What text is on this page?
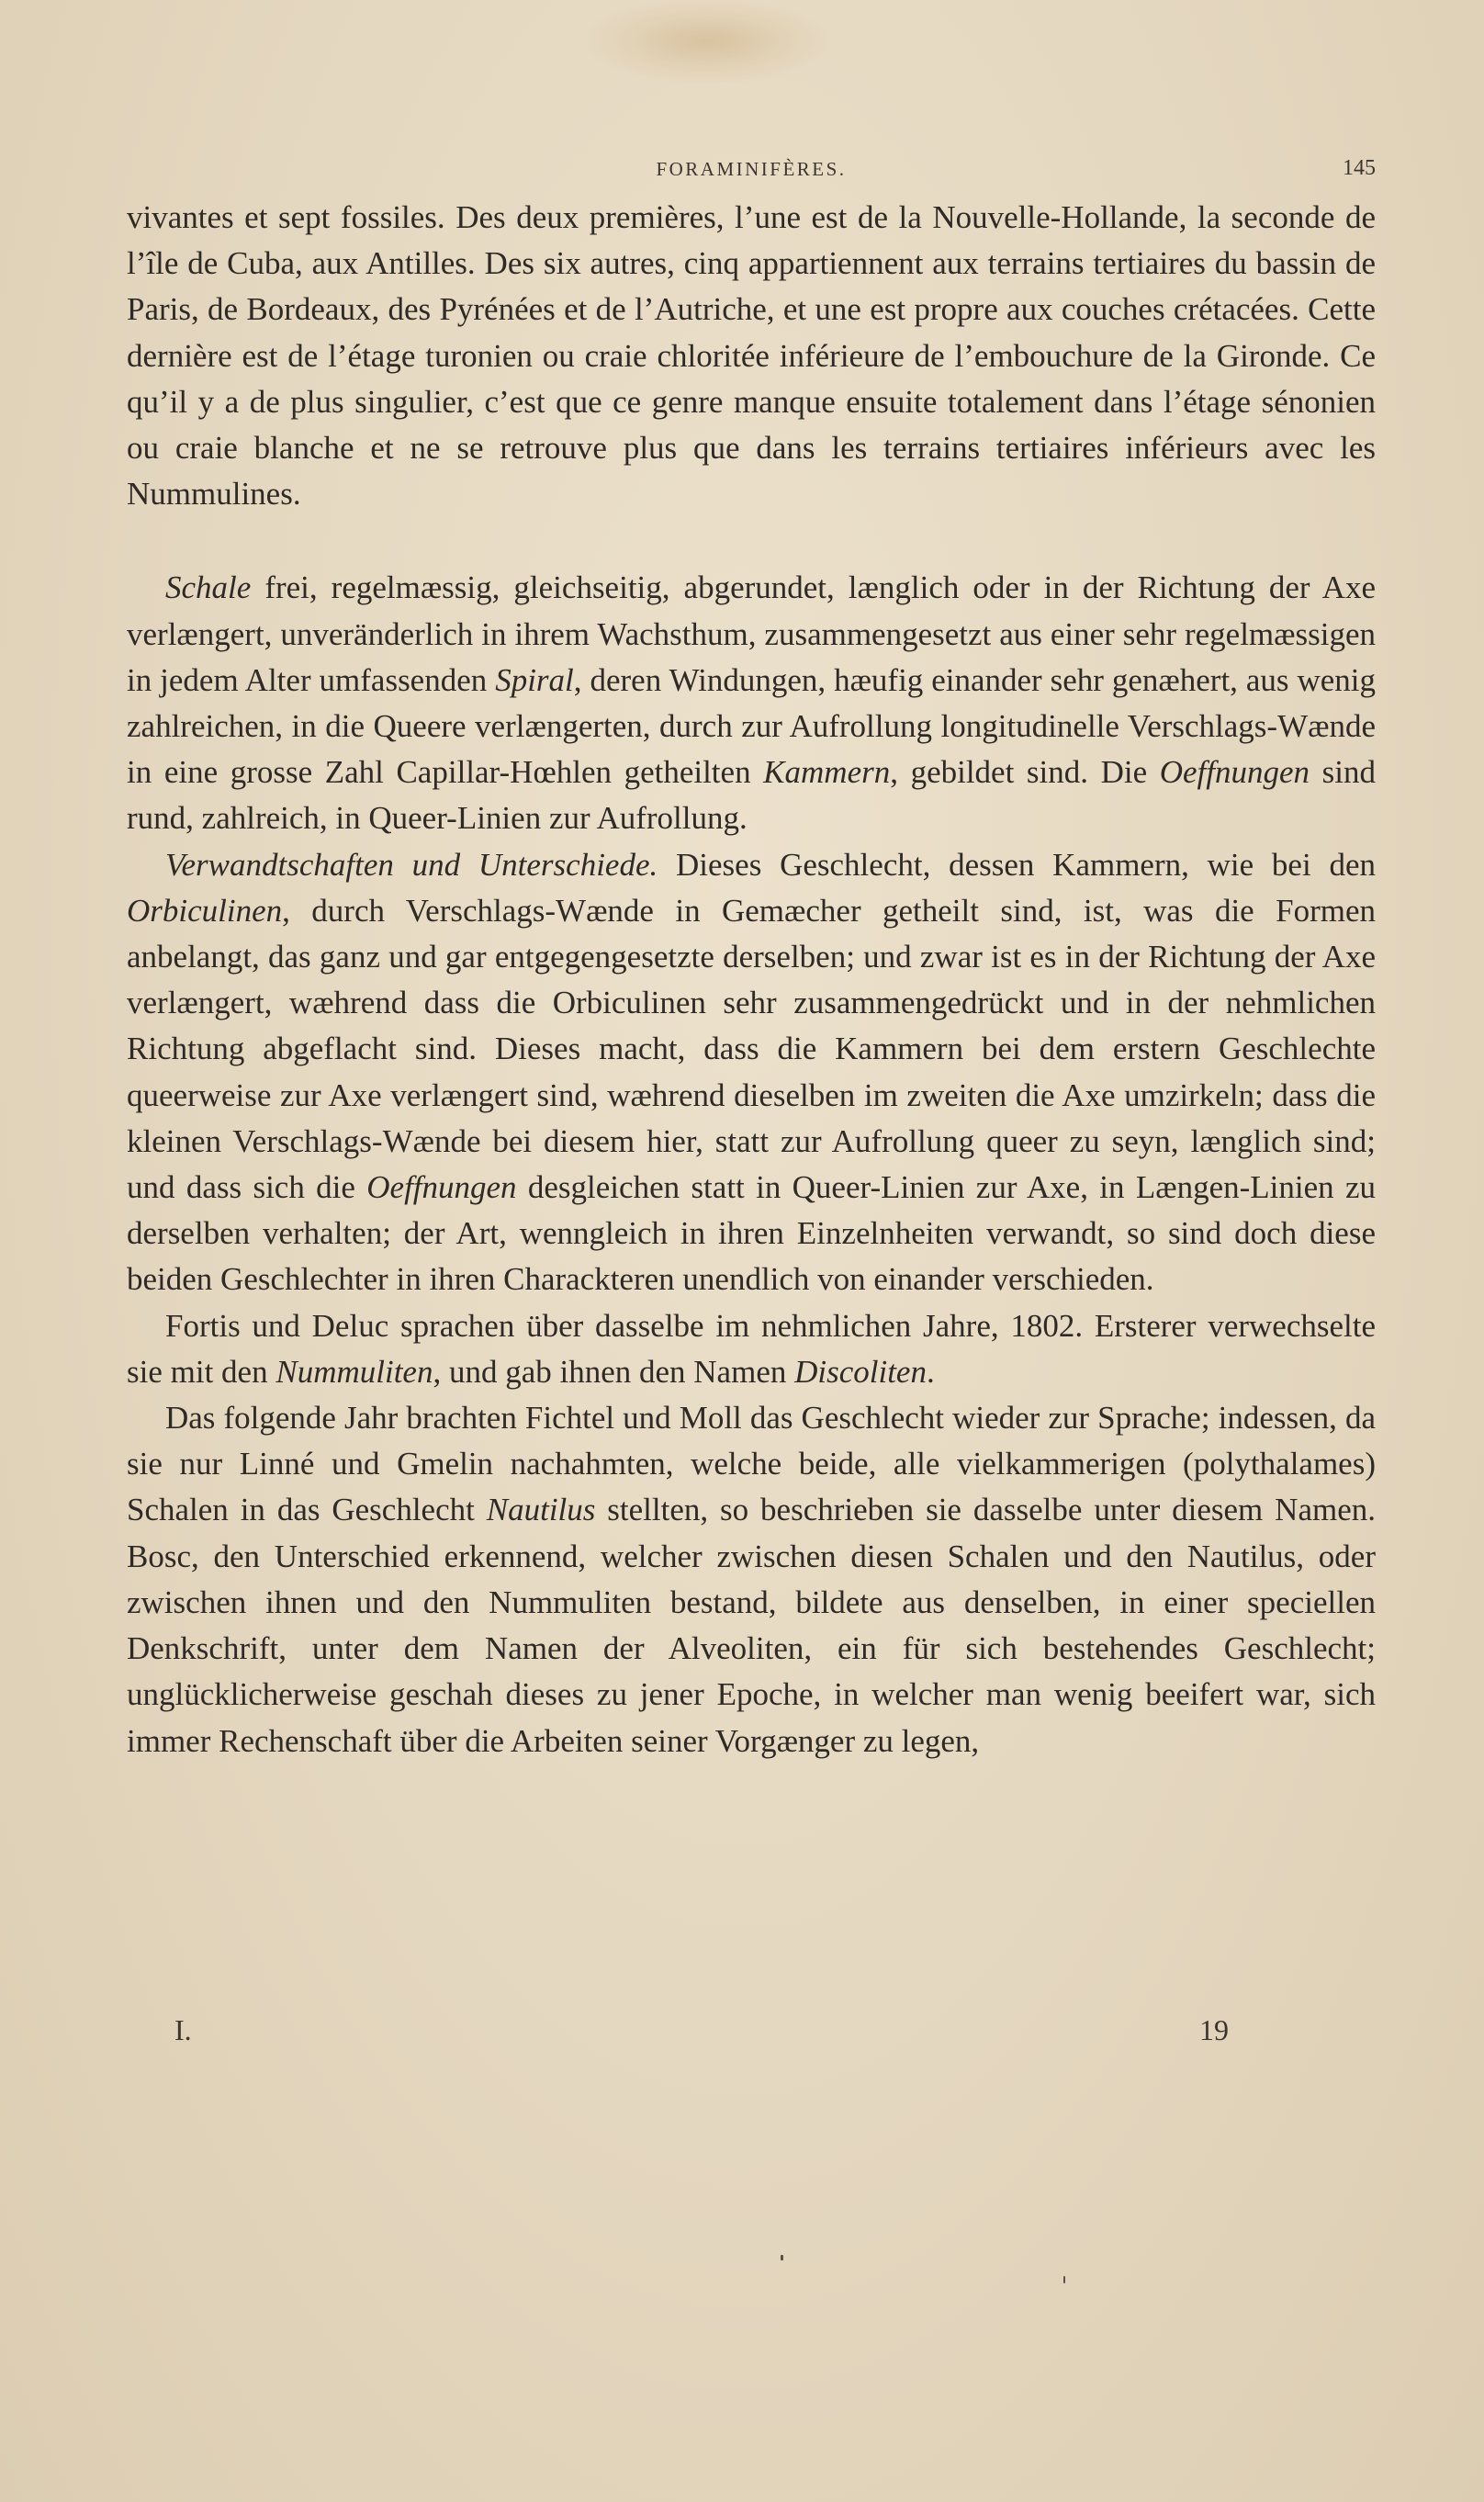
FORAMINIFÈRES.	145

vivantes et sept fossiles. Des deux premières, l’une est de la Nouvelle-Hollande, la seconde de l’île de Cuba, aux Antilles. Des six autres, cinq appartiennent aux terrains tertiaires du bassin de Paris, de Bordeaux, des Pyrénées et de l’Autriche, et une est propre aux couches crétacées. Cette dernière est de l’étage turonien ou craie chloritée inférieure de l’embouchure de la Gironde. Ce qu’il y a de plus singulier, c’est que ce genre manque ensuite totalement dans l’étage sénonien ou craie blanche et ne se retrouve plus que dans les terrains tertiaires inférieurs avec les Nummulines.

Schale frei, regelmæssig, gleichseitig, abgerundet, længlich oder in der Richtung der Axe verlængert, unveränderlich in ihrem Wachsthum, zusammengesetzt aus einer sehr regelmæssigen in jedem Alter umfassenden Spiral, deren Windungen, hæufig einander sehr genæhert, aus wenig zahlreichen, in die Queere verlængerten, durch zur Aufrollung longitudinelle Verschlags-Wænde in eine grosse Zahl Capillar-Hœhlen getheilten Kammern, gebildet sind. Die Oeffnungen sind rund, zahlreich, in Queer-Linien zur Aufrollung.

Verwandtschaften und Unterschiede. Dieses Geschlecht, dessen Kammern, wie bei den Orbiculinen, durch Verschlags-Wænde in Gemæcher getheilt sind, ist, was die Formen anbelangt, das ganz und gar entgegengesetzte derselben; und zwar ist es in der Richtung der Axe verlængert, wæhrend dass die Orbiculinen sehr zusammengedrückt und in der nehmlichen Richtung abgeflacht sind. Dieses macht, dass die Kammern bei dem erstern Geschlechte queerweise zur Axe verlængert sind, wæhrend dieselben im zweiten die Axe umzirkeln; dass die kleinen Verschlags-Wænde bei diesem hier, statt zur Aufrollung queer zu seyn, længlich sind; und dass sich die Oeffnungen desgleichen statt in Queer-Linien zur Axe, in Længen-Linien zu derselben verhalten; der Art, wenngleich in ihren Einzelnheiten verwandt, so sind doch diese beiden Geschlechter in ihren Charackteren unendlich von einander verschieden.

Fortis und Deluc sprachen über dasselbe im nehmlichen Jahre, 1802. Ersterer verwechselte sie mit den Nummuliten, und gab ihnen den Namen Discoliten.

Das folgende Jahr brachten Fichtel und Moll das Geschlecht wieder zur Sprache; indessen, da sie nur Linné und Gmelin nachahmten, welche beide, alle vielkammerigen (polythalames) Schalen in das Geschlecht Nautilus stellten, so beschrieben sie dasselbe unter diesem Namen. Bosc, den Unterschied erkennend, welcher zwischen diesen Schalen und den Nautilus, oder zwischen ihnen und den Nummuliten bestand, bildete aus denselben, in einer speciellen Denkschrift, unter dem Namen der Alveoliten, ein für sich bestehendes Geschlecht; unglücklicherweise geschah dieses zu jener Epoche, in welcher man wenig beeifert war, sich immer Rechenschaft über die Arbeiten seiner Vorgænger zu legen,

I.	19
